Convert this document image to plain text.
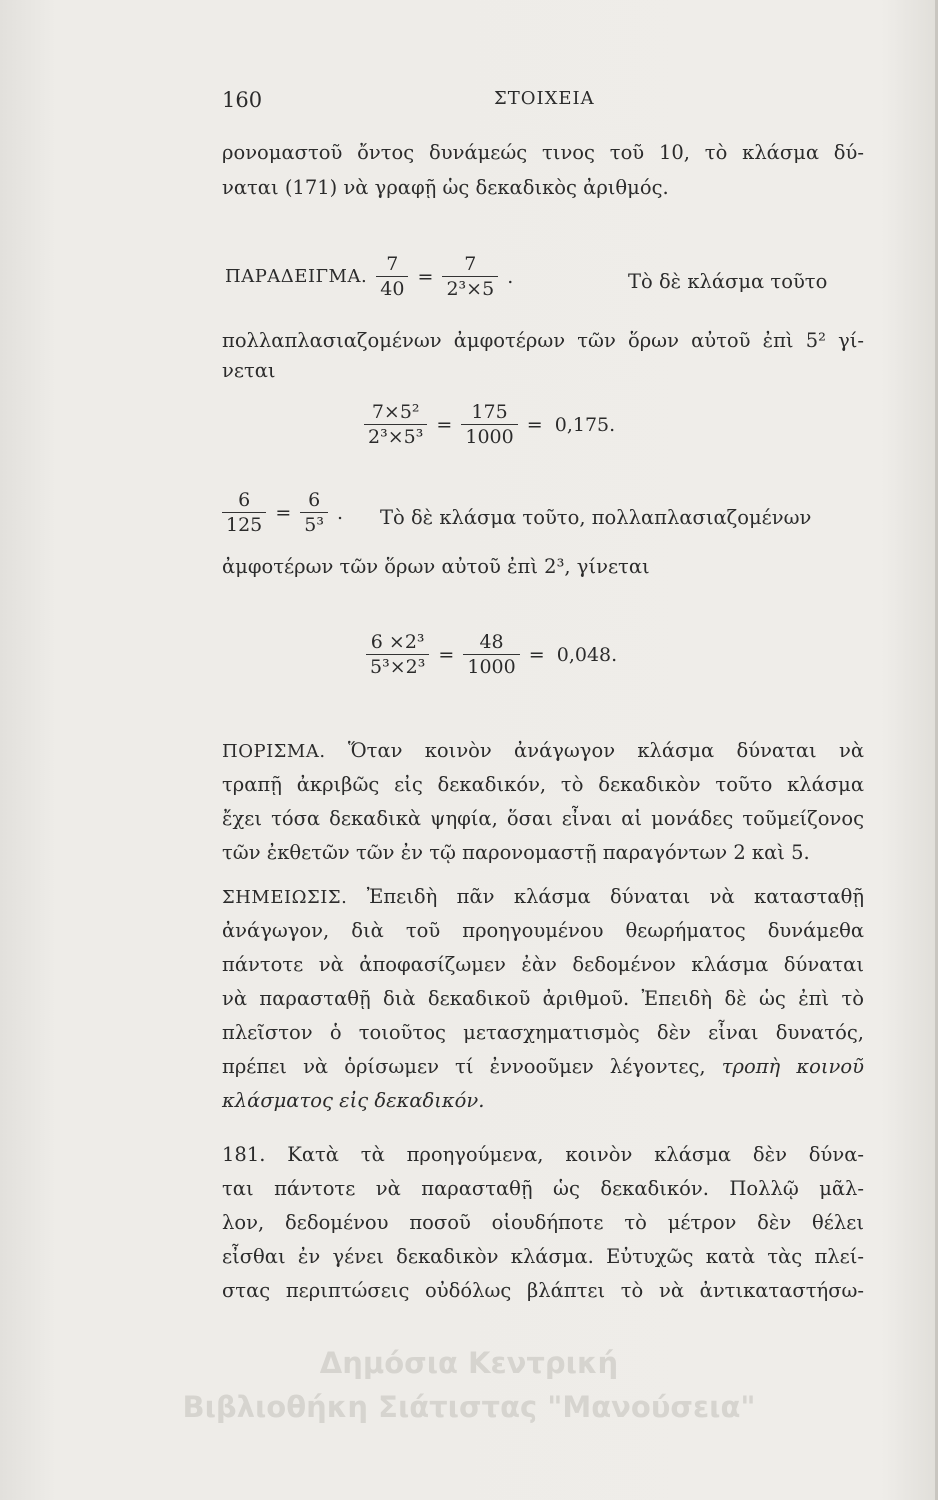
160	ΣΤΟΙΧΕΙΑ
ρονομαστοῦ ὄντος δυνάμεώς τινος τοῦ 10, τὸ κλάσμα δύ-
ναται (171) νὰ γραφῇ ὡς δεκαδικὸς ἀριθμός.
ΠΑΡΑΔΕΙΓΜΑ. $\frac{7}{40} = \frac{7}{\text{2³×5}}$ .	Τὸ δὲ κλάσμα τοῦτο
πολλαπλασιαζομένων ἀμφοτέρων τῶν ὅρων αὐτοῦ ἐπὶ 5² γί-
νεται
$\frac{\text{7×5²}}{\text{2³×5³}} = \frac{175}{1000} = 0,175$.
$\frac{6}{125} = \frac{6}{\text{5³}}$ . Τὸ δὲ κλάσμα τοῦτο, πολλαπλασιαζομένων
ἀμφοτέρων τῶν ὅρων αὐτοῦ ἐπὶ 2³, γίνεται
$\frac{\text{6 ×2³}}{\text{5³×2³}} = \frac{48}{1000} = 0,048$.
ΠΟΡΙΣΜΑ. Ὅταν κοινὸν ἀνάγωγον κλάσμα δύναται νὰ
τραπῇ ἀκριβῶς εἰς δεκαδικόν, τὸ δεκαδικὸν τοῦτο κλάσμα
ἔχει τόσα δεκαδικὰ ψηφία, ὅσαι εἶναι αἱ μονάδες τοῦμείζονος
τῶν ἐκθετῶν τῶν ἐν τῷ παρονομαστῇ παραγόντων 2 καὶ 5.
ΣΗΜΕΙΩΣΙΣ. Ἐπειδὴ πᾶν κλάσμα δύναται νὰ κατασταθῇ
ἀνάγωγον, διὰ τοῦ προηγουμένου θεωρήματος δυνάμεθα
πάντοτε νὰ ἀποφασίζωμεν ἐὰν δεδομένον κλάσμα δύναται
νὰ παρασταθῇ διὰ δεκαδικοῦ ἀριθμοῦ. Ἐπειδὴ δὲ ὡς ἐπὶ τὸ
πλεῖστον ὁ τοιοῦτος μετασχηματισμὸς δὲν εἶναι δυνατός,
πρέπει νὰ ὁρίσωμεν τί ἐννοοῦμεν λέγοντες, τροπὴ κοινοῦ
κλάσματος εἰς δεκαδικόν.
181. Κατὰ τὰ προηγούμενα, κοινὸν κλάσμα δὲν δύνα-
ται πάντοτε νὰ παρασταθῇ ὡς δεκαδικόν. Πολλῷ μᾶλ-
λον, δεδομένου ποσοῦ οἱουδήποτε τὸ μέτρον δὲν θέλει
εἶσθαι ἐν γένει δεκαδικὸν κλάσμα. Εὐτυχῶς κατὰ τὰς πλεί-
στας περιπτώσεις οὐδόλως βλάπτει τὸ νὰ ἀντικαταστήσω-
Δημόσια Κεντρική
Βιβλιοθήκη Σιάτιστας "Μανούσεια"
